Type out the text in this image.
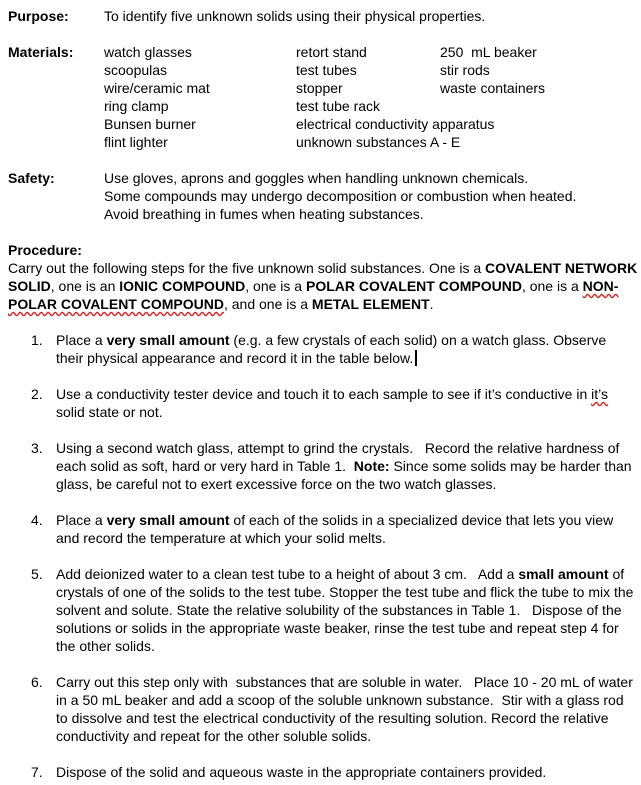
Purpose:	To identify five unknown solids using their physical properties.
Materials: watch glasses
scoopulas
wire/ceramic mat
ring clamp
Bunsen burner
flint lighter
retort stand
test tubes
stopper
test tube rack
electrical conductivity apparatus
unknown substances A - E
250  mL beaker
stir rods
waste containers
Safety:	Use gloves, aprons and goggles when handling unknown chemicals.
Some compounds may undergo decomposition or combustion when heated.
Avoid breathing in fumes when heating substances.
Procedure:
Carry out the following steps for the five unknown solid substances. One is a COVALENT NETWORK SOLID, one is an IONIC COMPOUND, one is a POLAR COVALENT COMPOUND, one is a NON-POLAR COVALENT COMPOUND, and one is a METAL ELEMENT.
1. Place a very small amount (e.g. a few crystals of each solid) on a watch glass. Observe their physical appearance and record it in the table below.
2. Use a conductivity tester device and touch it to each sample to see if it’s conductive in it’s solid state or not.
3. Using a second watch glass, attempt to grind the crystals.   Record the relative hardness of each solid as soft, hard or very hard in Table 1.  Note: Since some solids may be harder than glass, be careful not to exert excessive force on the two watch glasses.
4. Place a very small amount of each of the solids in a specialized device that lets you view and record the temperature at which your solid melts.
5. Add deionized water to a clean test tube to a height of about 3 cm.   Add a small amount of crystals of one of the solids to the test tube. Stopper the test tube and flick the tube to mix the solvent and solute. State the relative solubility of the substances in Table 1.   Dispose of the solutions or solids in the appropriate waste beaker, rinse the test tube and repeat step 4 for the other solids.
6. Carry out this step only with  substances that are soluble in water.   Place 10 - 20 mL of water in a 50 mL beaker and add a scoop of the soluble unknown substance.  Stir with a glass rod to dissolve and test the electrical conductivity of the resulting solution. Record the relative conductivity and repeat for the other soluble solids.
7. Dispose of the solid and aqueous waste in the appropriate containers provided.
